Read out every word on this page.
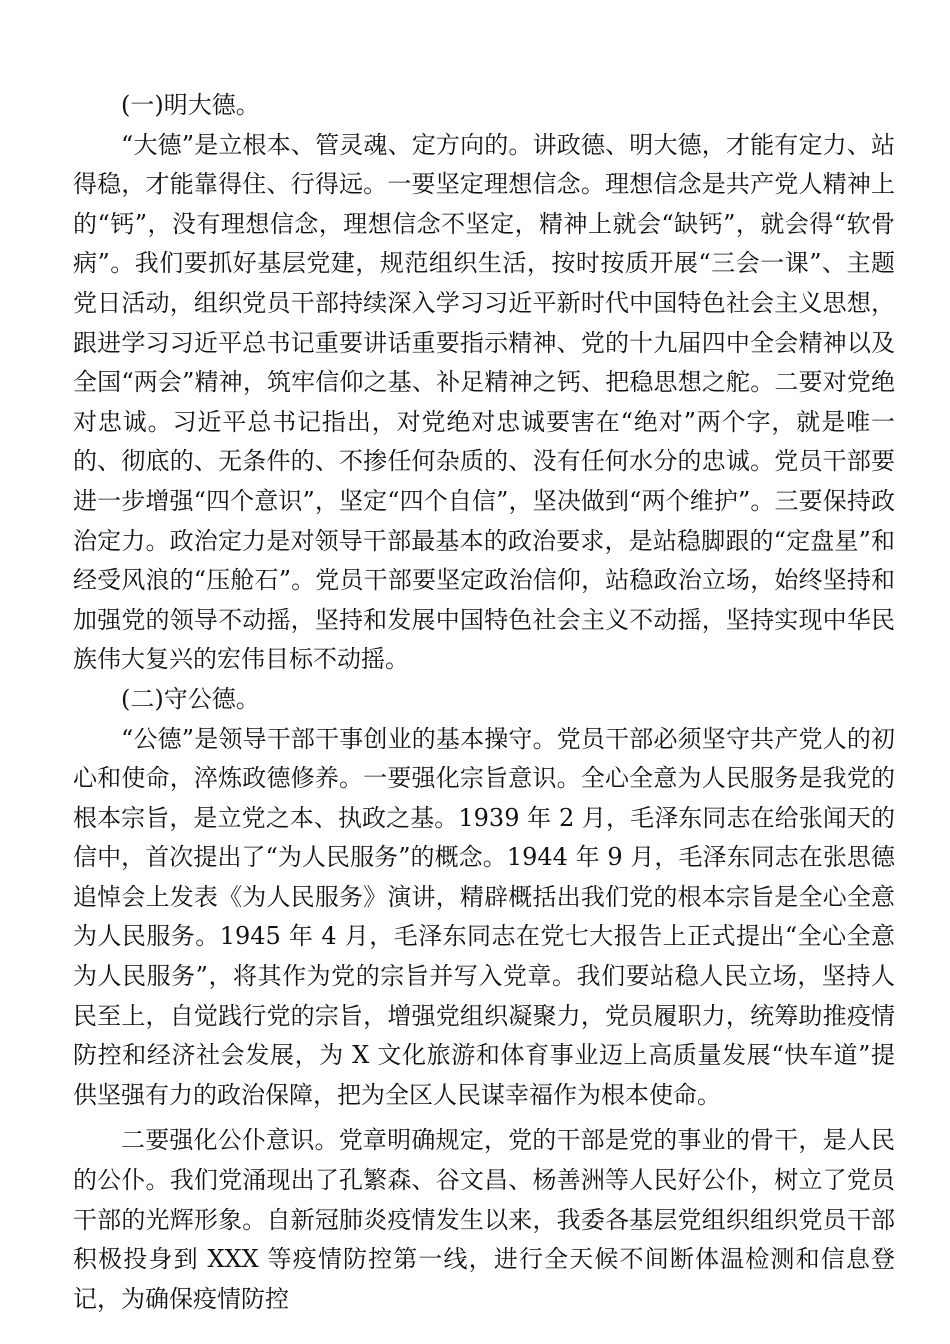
(一)明大德。

“大德”是立根本、管灵魂、定方向的。讲政德、明大德，才能有定力、站得稳，才能靠得住、行得远。一要坚定理想信念。理想信念是共产党人精神上的“钙”，没有理想信念，理想信念不坚定，精神上就会“缺钙”，就会得“软骨病”。我们要抓好基层党建，规范组织生活，按时按质开展“三会一课”、主题党日活动，组织党员干部持续深入学习习近平新时代中国特色社会主义思想，跟进学习习近平总书记重要讲话重要指示精神、党的十九届四中全会精神以及全国“两会”精神，筑牢信仰之基、补足精神之钙、把稳思想之舵。二要对党绝对忠诚。习近平总书记指出，对党绝对忠诚要害在“绝对”两个字，就是唯一的、彻底的、无条件的、不掺任何杂质的、没有任何水分的忠诚。党员干部要进一步增强“四个意识”，坚定“四个自信”，坚决做到“两个维护”。三要保持政治定力。政治定力是对领导干部最基本的政治要求，是站稳脚跟的“定盘星”和经受风浪的“压舱石”。党员干部要坚定政治信仰，站稳政治立场，始终坚持和加强党的领导不动摇，坚持和发展中国特色社会主义不动摇，坚持实现中华民族伟大复兴的宏伟目标不动摇。

(二)守公德。

“公德”是领导干部干事创业的基本操守。党员干部必须坚守共产党人的初心和使命，淬炼政德修养。一要强化宗旨意识。全心全意为人民服务是我党的根本宗旨，是立党之本、执政之基。1939 年 2 月，毛泽东同志在给张闻天的信中，首次提出了“为人民服务”的概念。1944 年 9 月，毛泽东同志在张思德追悼会上发表《为人民服务》演讲，精辟概括出我们党的根本宗旨是全心全意为人民服务。1945 年 4 月，毛泽东同志在党七大报告上正式提出“全心全意为人民服务”，将其作为党的宗旨并写入党章。我们要站稳人民立场，坚持人民至上，自觉践行党的宗旨，增强党组织凝聚力，党员履职力，统筹助推疫情防控和经济社会发展，为 X 文化旅游和体育事业迈上高质量发展“快车道”提供坚强有力的政治保障，把为全区人民谋幸福作为根本使命。

二要强化公仆意识。党章明确规定，党的干部是党的事业的骨干，是人民的公仆。我们党涌现出了孔繁森、谷文昌、杨善洲等人民好公仆，树立了党员干部的光辉形象。自新冠肺炎疫情发生以来，我委各基层党组织组织党员干部积极投身到 XXX 等疫情防控第一线，进行全天候不间断体温检测和信息登记，为确保疫情防控
